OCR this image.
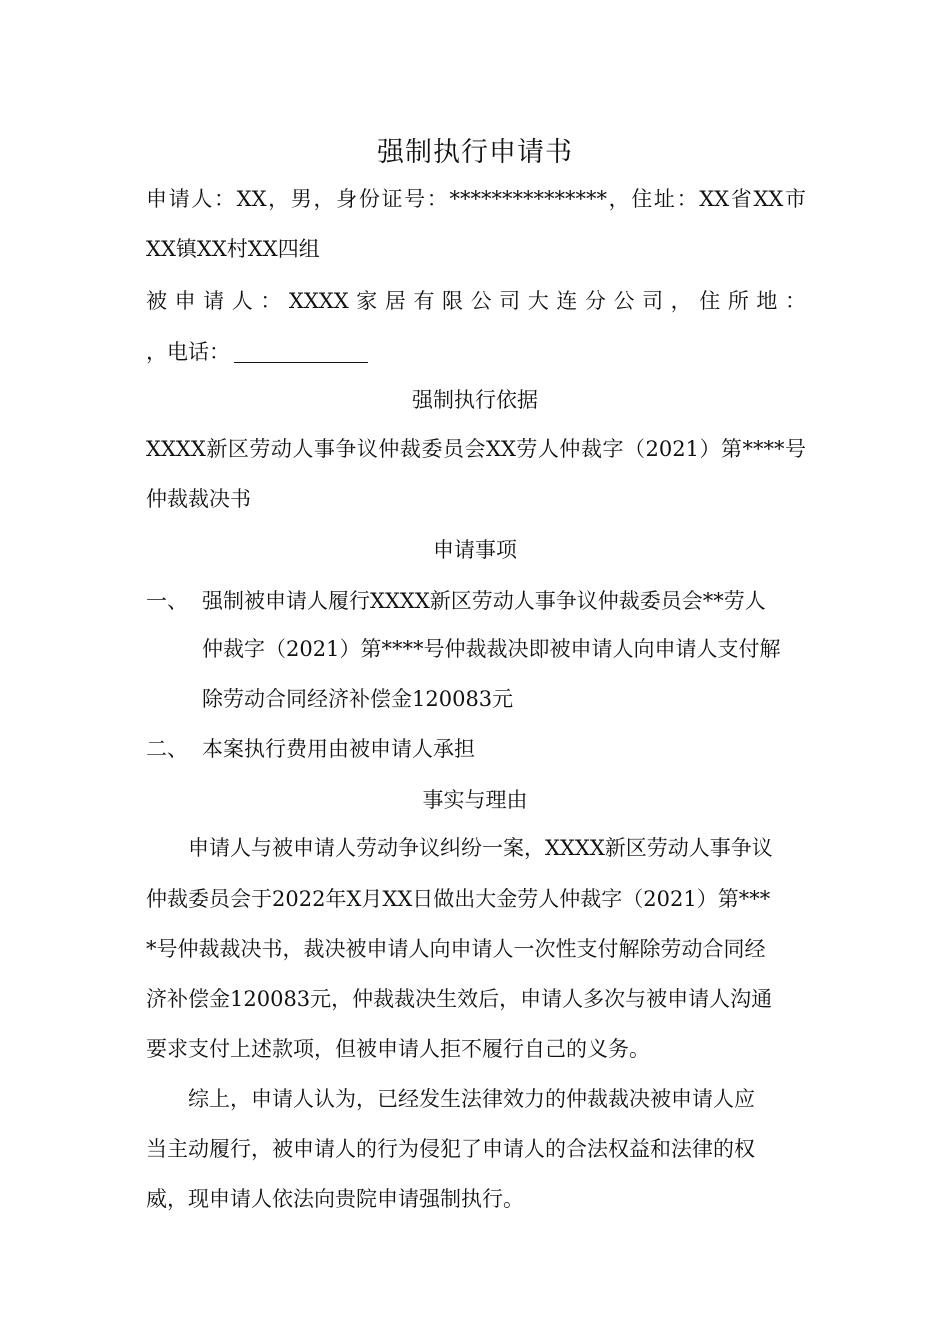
强制执行申请书
申请人：XX，男，身份证号：***************，住址：XX省XX市
XX镇XX村XX四组
被申请人：XXXX家居有限公司大连分公司，住所地：
，电话：
强制执行依据
XXXX新区劳动人事争议仲裁委员会XX劳人仲裁字（2021）第****号
仲裁裁决书
申请事项
一、 强制被申请人履行XXXX新区劳动人事争议仲裁委员会**劳人
仲裁字（2021）第****号仲裁裁决即被申请人向申请人支付解
除劳动合同经济补偿金120083元
二、 本案执行费用由被申请人承担
事实与理由
　　申请人与被申请人劳动争议纠纷一案，XXXX新区劳动人事争议
仲裁委员会于2022年X月XX日做出大金劳人仲裁字（2021）第***
*号仲裁裁决书，裁决被申请人向申请人一次性支付解除劳动合同经
济补偿金120083元，仲裁裁决生效后，申请人多次与被申请人沟通
要求支付上述款项，但被申请人拒不履行自己的义务。
　　综上，申请人认为，已经发生法律效力的仲裁裁决被申请人应
当主动履行，被申请人的行为侵犯了申请人的合法权益和法律的权
威，现申请人依法向贵院申请强制执行。
